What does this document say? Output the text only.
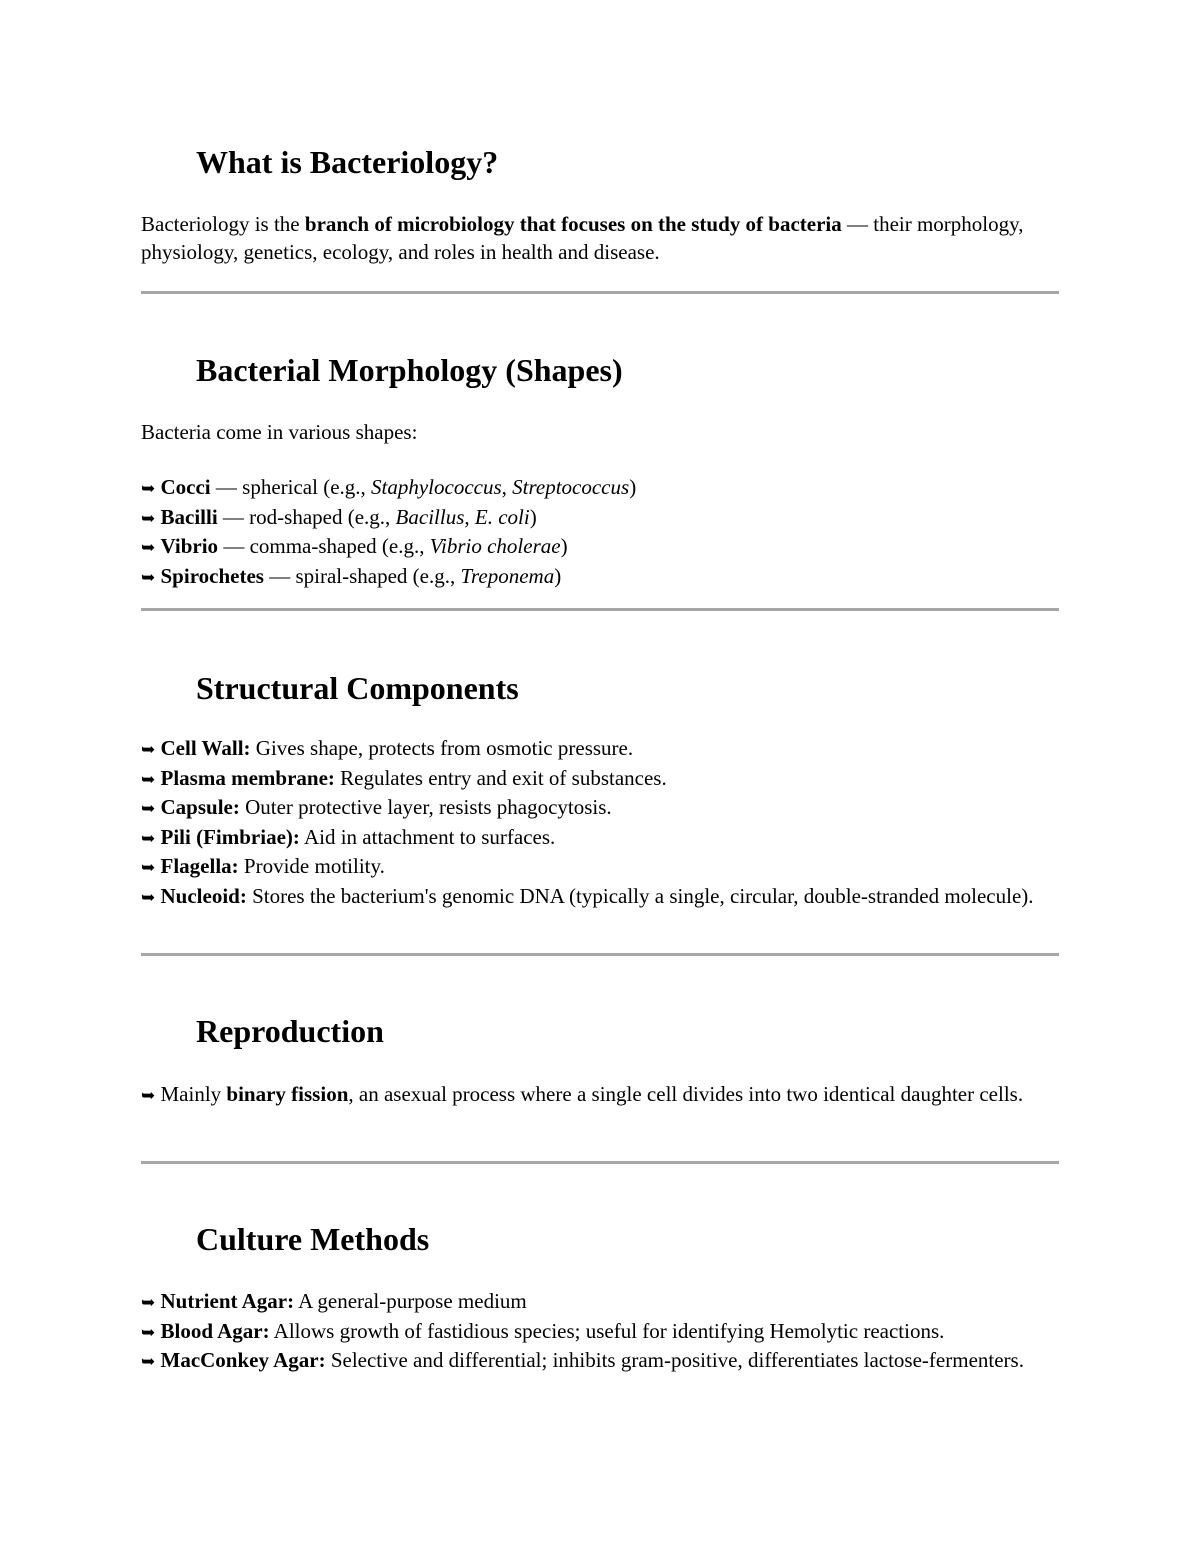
What is Bacteriology?

Bacteriology is the branch of microbiology that focuses on the study of bacteria — their morphology, physiology, genetics, ecology, and roles in health and disease.

Bacterial Morphology (Shapes)

Bacteria come in various shapes:

➥ Cocci — spherical (e.g., Staphylococcus, Streptococcus)
➥ Bacilli — rod-shaped (e.g., Bacillus, E. coli)
➥ Vibrio — comma-shaped (e.g., Vibrio cholerae)
➥ Spirochetes — spiral-shaped (e.g., Treponema)
Structural Components
➥ Cell Wall: Gives shape, protects from osmotic pressure.
➥ Plasma membrane: Regulates entry and exit of substances.
➥ Capsule: Outer protective layer, resists phagocytosis.
➥ Pili (Fimbriae): Aid in attachment to surfaces.
➥ Flagella: Provide motility.
➥ Nucleoid: Stores the bacterium's genomic DNA (typically a single, circular, double-stranded molecule).
Reproduction

➥ Mainly binary fission, an asexual process where a single cell divides into two identical daughter cells.

Culture Methods
➥ Nutrient Agar: A general-purpose medium
➥ Blood Agar: Allows growth of fastidious species; useful for identifying Hemolytic reactions.
➥ MacConkey Agar: Selective and differential; inhibits gram-positive, differentiates lactose-fermenters.
